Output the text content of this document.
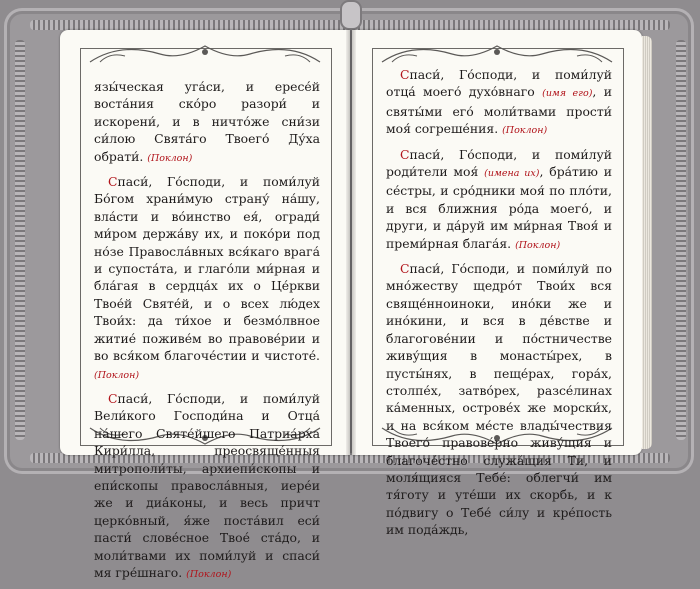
язы́ческая уга́си, и ересе́й воста́ния ско́ро разори́ и искорени́, и в ничто́же сни́зи си́лою Свята́го Твоего́ Ду́ха обрати́. (Поклон)

Спаси́, Го́споди, и поми́луй Бо́гом храни́мую страну́ на́шу, вла́сти и во́инство ея́, огради́ ми́ром держа́ву их, и поко́ри под но́зе Правосла́вных вся́каго врага́ и супоста́та, и глаго́ли ми́рная и бла́гая в сердца́х их о Це́ркви Твое́й Святе́й, и о всех лю́дех Твои́х: да ти́хое и безмо́лвное житие́ поживе́м во правове́рии и во вся́ком благоче́стии и чистоте́. (Поклон)

Спаси́, Го́споди, и поми́луй Вели́кого Господи́на и Отца́ на́шего Святе́йшего Патриа́рха Кири́лла, преосвяще́нныя митрополи́ты, архиепи́скопы и епи́скопы правосла́вныя, иере́и же и диа́коны, и весь причт церко́вный, я́же поста́вил еси́ пасти́ слове́сное Твое́ ста́до, и моли́твами их поми́луй и спаси́ мя гре́шнаго. (Поклон)

Спаси́, Го́споди, и поми́луй отца́ моего́ духо́внаго (имя его), и святы́ми его́ моли́твами прости́ моя́ согреше́ния. (Поклон)

Спаси́, Го́споди, и поми́луй роди́тели моя́ (имена их), бра́тию и се́стры, и сро́дники моя́ по пло́ти, и вся ближния ро́да моего́, и други, и да́руй им ми́рная Твоя́ и преми́рная блага́я. (Поклон)

Спаси́, Го́споди, и поми́луй по мно́жеству щедро́т Твои́х вся свяще́нноиноки, ино́ки же и ино́кини, и вся в де́встве и благогове́нии и по́стничестве живу́щия в монасты́рех, в пусты́нях, в пеще́рах, гора́х, столпе́х, затво́рех, разсе́линах ка́менных, острове́х же морски́х, и на вся́ком ме́сте влады́чествия Твоего́ правове́рно живу́щия и благоче́стно служа́щия Ти, и моля́щияся Тебе́: облегчи́ им тя́готу и уте́ши их скорбь, и к по́двигу о Тебе́ си́лу и кре́пость им пода́ждь,
